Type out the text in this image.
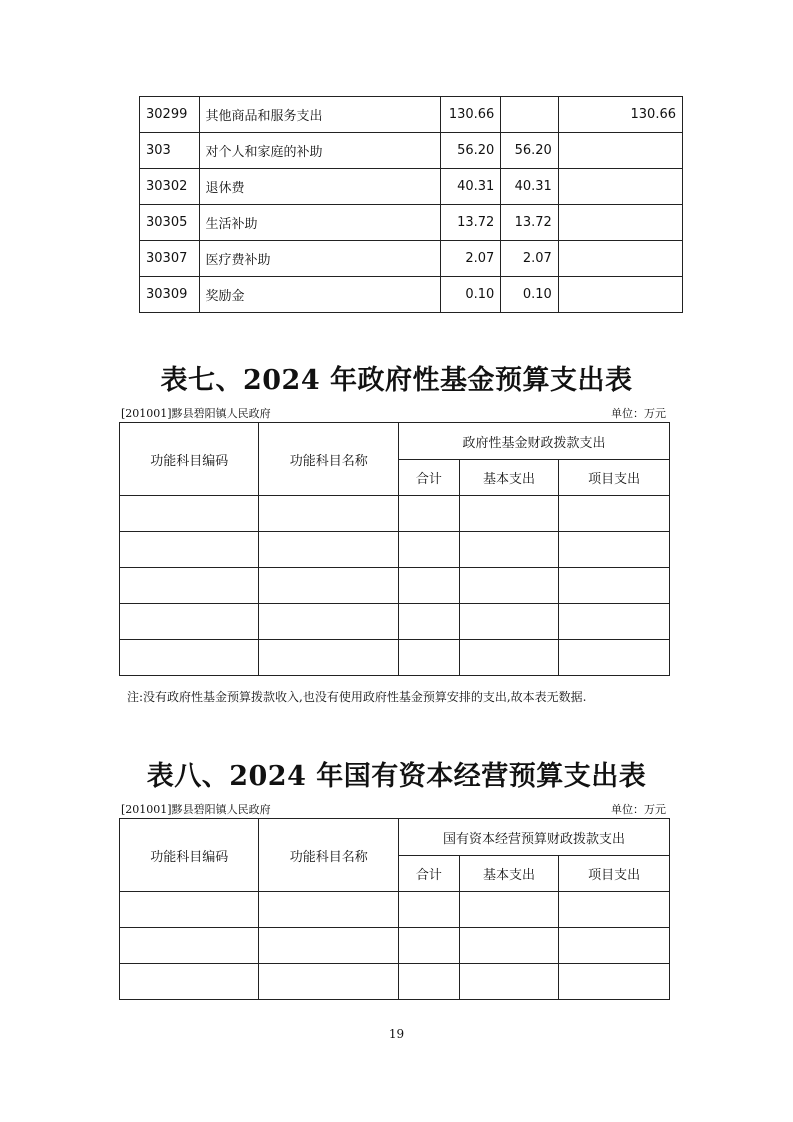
30299	其他商品和服务支出	130.66		130.66
303	对个人和家庭的补助	56.20	56.20	
30302	退休费	40.31	40.31	
30305	生活补助	13.72	13.72	
30307	医疗费补助	2.07	2.07	
30309	奖励金	0.10	0.10	
表七、2024 年政府性基金预算支出表
[201001]黟县碧阳镇人民政府	单位：万元
功能科目编码	功能科目名称	政府性基金财政拨款支出		
		合计	基本支出	项目支出

注:没有政府性基金预算拨款收入,也没有使用政府性基金预算安排的支出,故本表无数据.
表八、2024 年国有资本经营预算支出表
[201001]黟县碧阳镇人民政府	单位：万元
功能科目编码	功能科目名称	国有资本经营预算财政拨款支出		
		合计	基本支出	项目支出

19
